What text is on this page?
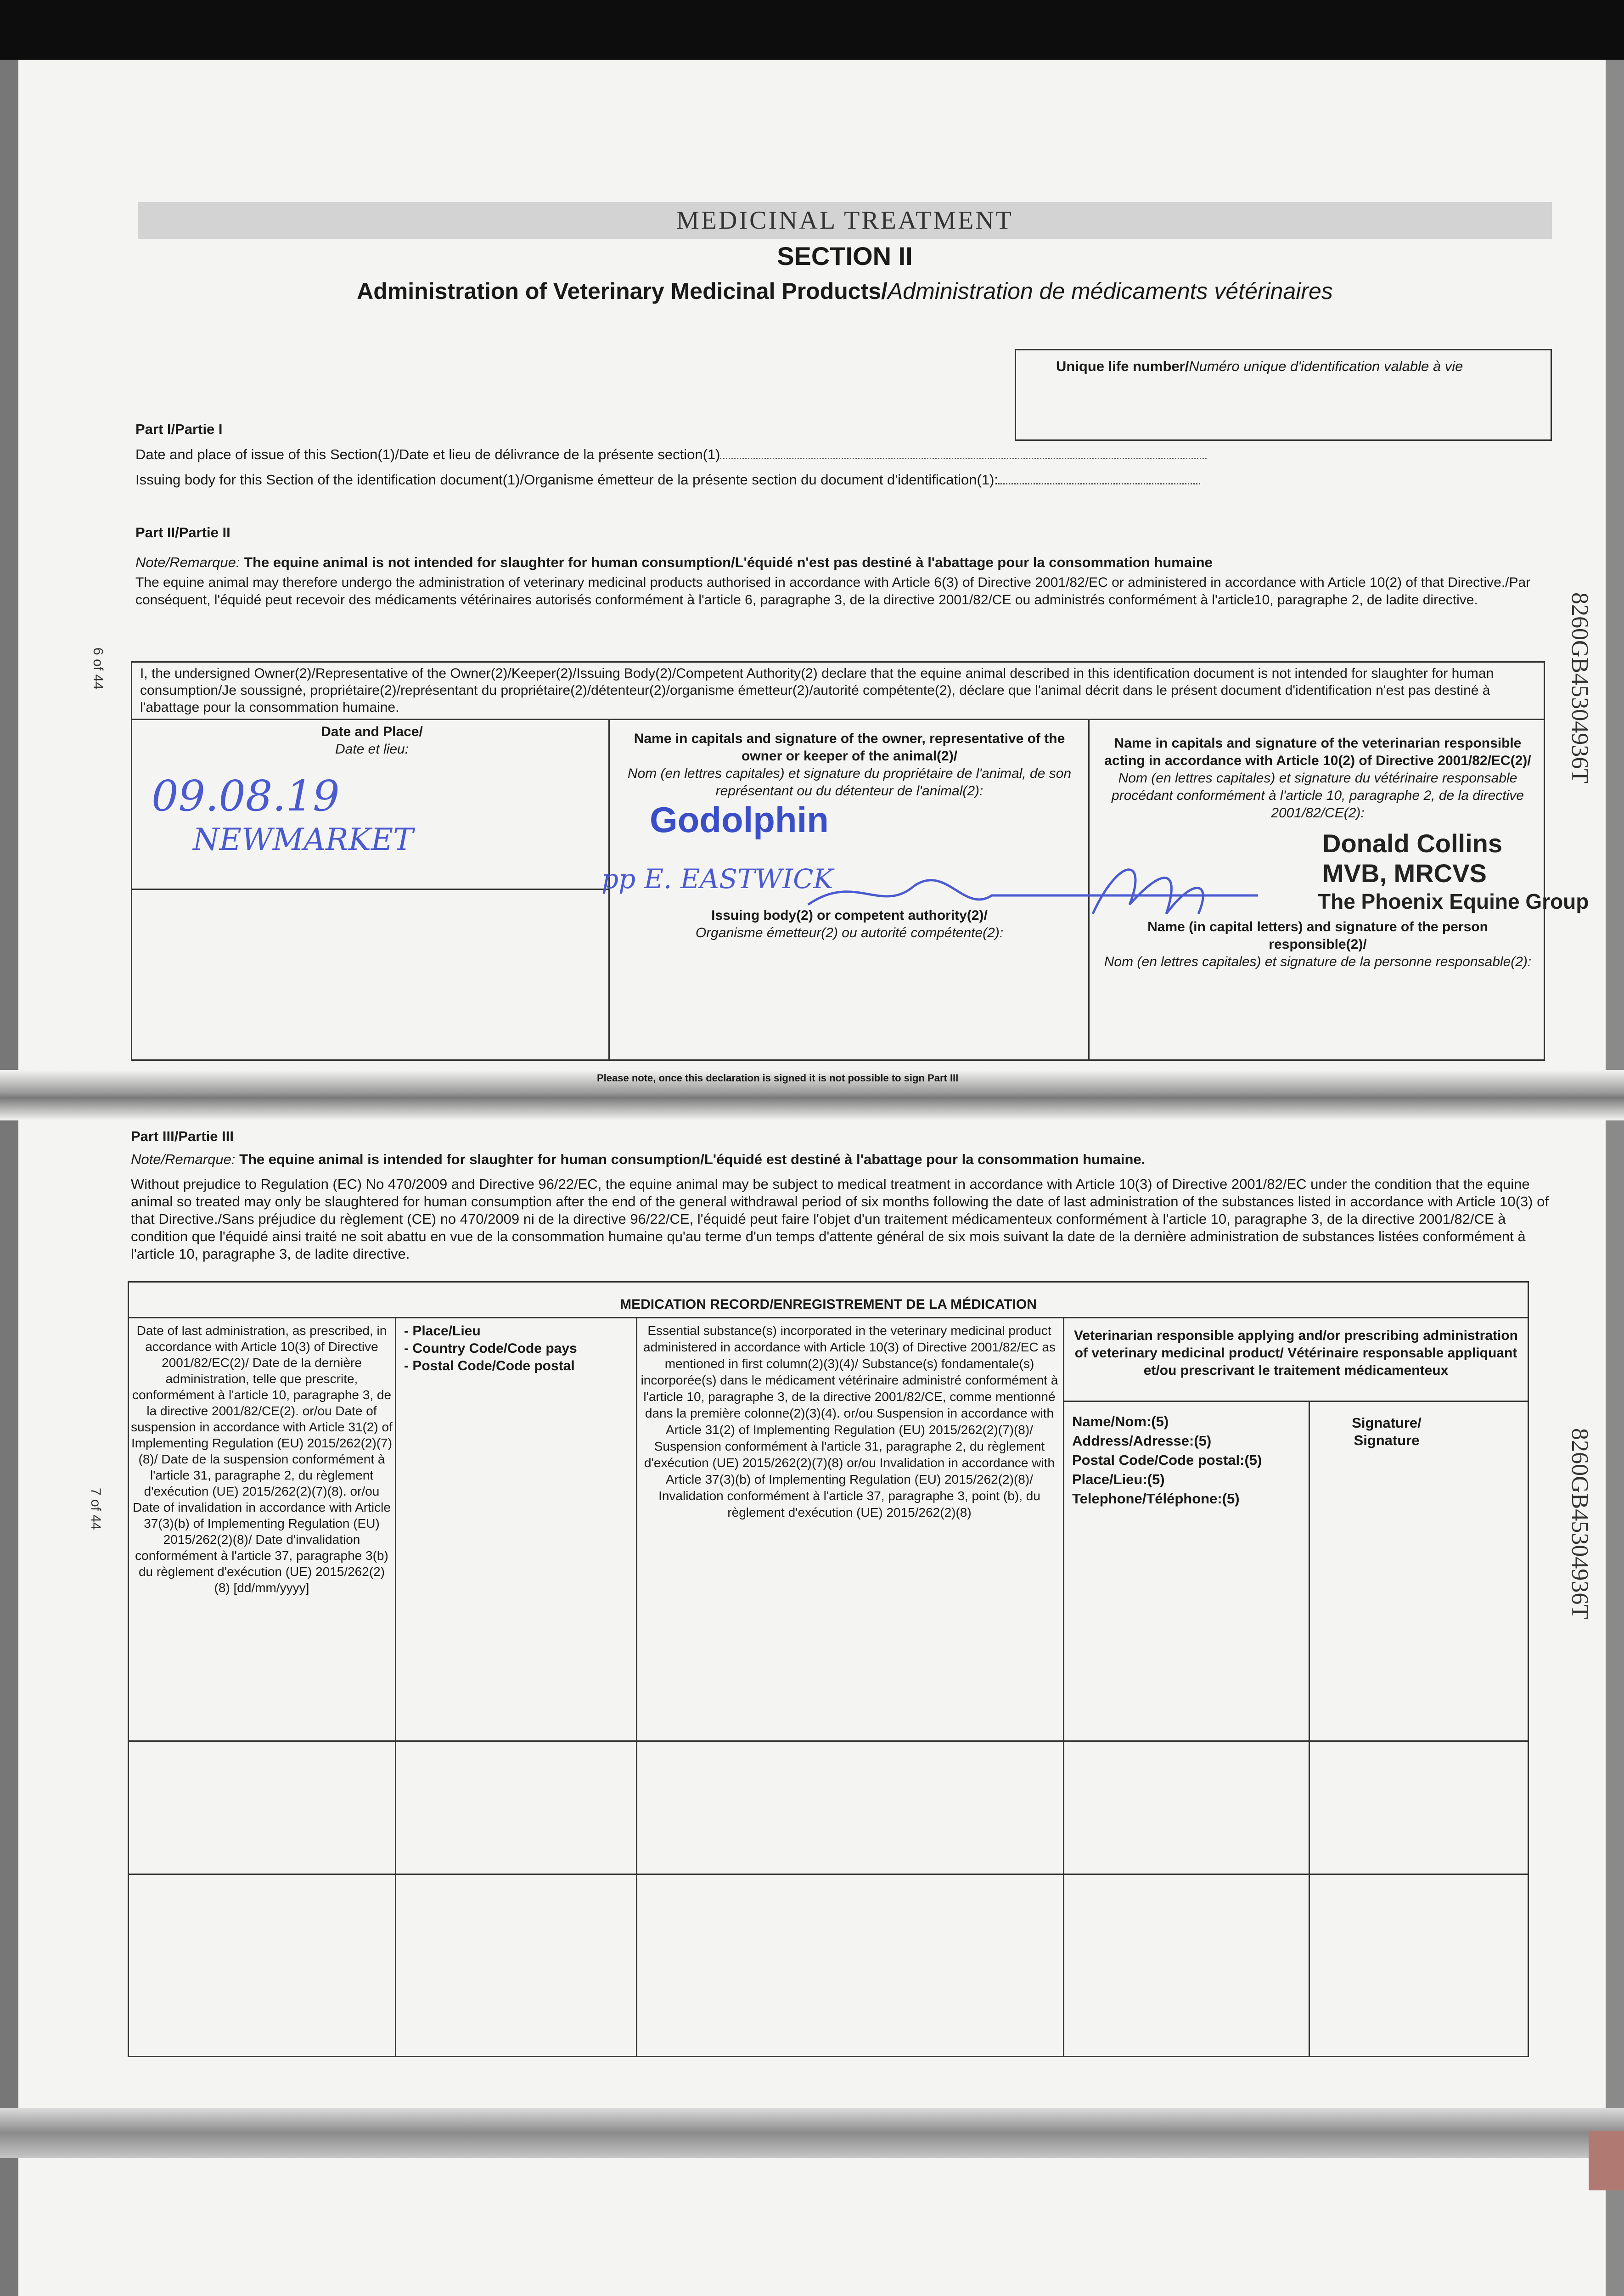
MEDICINAL TREATMENT
SECTION II
Administration of Veterinary Medicinal Products/Administration de médicaments vétérinaires
Unique life number/Numéro unique d'identification valable à vie
Part I/Partie I
Date and place of issue of this Section(1)/Date et lieu de délivrance de la présente section(1)
Issuing body for this Section of the identification document(1)/Organisme émetteur de la présente section du document d'identification(1):
Part II/Partie II
Note/Remarque: The equine animal is not intended for slaughter for human consumption/L'équidé n'est pas destiné à l'abattage pour la consommation humaine
The equine animal may therefore undergo the administration of veterinary medicinal products authorised in accordance with Article 6(3) of Directive 2001/82/EC or administered in accordance with Article 10(2) of that Directive./Par conséquent, l'équidé peut recevoir des médicaments vétérinaires autorisés conformément à l'article 6, paragraphe 3, de la directive 2001/82/CE ou administrés conformément à l'article10, paragraphe 2, de ladite directive.
I, the undersigned Owner(2)/Representative of the Owner(2)/Keeper(2)/Issuing Body(2)/Competent Authority(2) declare that the equine animal described in this identification document is not intended for slaughter for human consumption/Je soussigné, propriétaire(2)/représentant du propriétaire(2)/détenteur(2)/organisme émetteur(2)/autorité compétente(2), déclare que l'animal décrit dans le présent document d'identification n'est pas destiné à l'abattage pour la consommation humaine.
Date and Place/
Date et lieu:
Name in capitals and signature of the owner, representative of the owner or keeper of the animal(2)/
Nom (en lettres capitales) et signature du propriétaire de l'animal, de son représentant ou du détenteur de l'animal(2):
Name in capitals and signature of the veterinarian responsible acting in accordance with Article 10(2) of Directive 2001/82/EC(2)/
Nom (en lettres capitales) et signature du vétérinaire responsable procédant conformément à l'article 10, paragraphe 2, de la directive 2001/82/CE(2):
09.08.19
NEWMARKET	Godolphin
pp E. EASTWICK
Donald Collins
MVB, MRCVS
The Phoenix Equine Group
Issuing body(2) or competent authority(2)/
Organisme émetteur(2) ou autorité compétente(2):	Name (in capital letters) and signature of the person responsible(2)/
Nom (en lettres capitales) et signature de la personne responsable(2):
Please note, once this declaration is signed it is not possible to sign Part III
Part III/Partie III
Note/Remarque: The equine animal is intended for slaughter for human consumption/L'équidé est destiné à l'abattage pour la consommation humaine.
Without prejudice to Regulation (EC) No 470/2009 and Directive 96/22/EC, the equine animal may be subject to medical treatment in accordance with Article 10(3) of Directive 2001/82/EC under the condition that the equine animal so treated may only be slaughtered for human consumption after the end of the general withdrawal period of six months following the date of last administration of the substances listed in accordance with Article 10(3) of that Directive./Sans préjudice du règlement (CE) no 470/2009 ni de la directive 96/22/CE, l'équidé peut faire l'objet d'un traitement médicamenteux conformément à l'article 10, paragraphe 3, de la directive 2001/82/CE à condition que l'équidé ainsi traité ne soit abattu en vue de la consommation humaine qu'au terme d'un temps d'attente général de six mois suivant la date de la dernière administration de substances listées conformément à l'article 10, paragraphe 3, de ladite directive.
MEDICATION RECORD/ENREGISTREMENT DE LA MÉDICATION
Date of last administration, as prescribed, in accordance with Article 10(3) of Directive 2001/82/EC(2)/ Date de la dernière administration, telle que prescrite, conformément à l'article 10, paragraphe 3, de la directive 2001/82/CE(2). or/ou Date of suspension in accordance with Article 31(2) of Implementing Regulation (EU) 2015/262(2)(7)(8)/ Date de la suspension conformément à l'article 31, paragraphe 2, du règlement d'exécution (UE) 2015/262(2)(7)(8). or/ou Date of invalidation in accordance with Article 37(3)(b) of Implementing Regulation (EU) 2015/262(2)(8)/ Date d'invalidation conformément à l'article 37, paragraphe 3(b) du règlement d'exécution (UE) 2015/262(2)(8) [dd/mm/yyyy]
- Place/Lieu
- Country Code/Code pays
- Postal Code/Code postal
Essential substance(s) incorporated in the veterinary medicinal product administered in accordance with Article 10(3) of Directive 2001/82/EC as mentioned in first column(2)(3)(4)/ Substance(s) fondamentale(s) incorporée(s) dans le médicament vétérinaire administré conformément à l'article 10, paragraphe 3, de la directive 2001/82/CE, comme mentionné dans la première colonne(2)(3)(4). or/ou Suspension in accordance with Article 31(2) of Implementing Regulation (EU) 2015/262(2)(7)(8)/ Suspension conformément à l'article 31, paragraphe 2, du règlement d'exécution (UE) 2015/262(2)(7)(8) or/ou Invalidation in accordance with Article 37(3)(b) of Implementing Regulation (EU) 2015/262(2)(8)/ Invalidation conformément à l'article 37, paragraphe 3, point (b), du règlement d'exécution (UE) 2015/262(2)(8)
Veterinarian responsible applying and/or prescribing administration of veterinary medicinal product/ Vétérinaire responsable appliquant et/ou prescrivant le traitement médicamenteux
Name/Nom:(5)
Address/Adresse:(5)
Postal Code/Code postal:(5)
Place/Lieu:(5)
Telephone/Téléphone:(5)
Signature/ Signature
8260GB45304936T
8260GB45304936T
6 of 44
7 of 44
